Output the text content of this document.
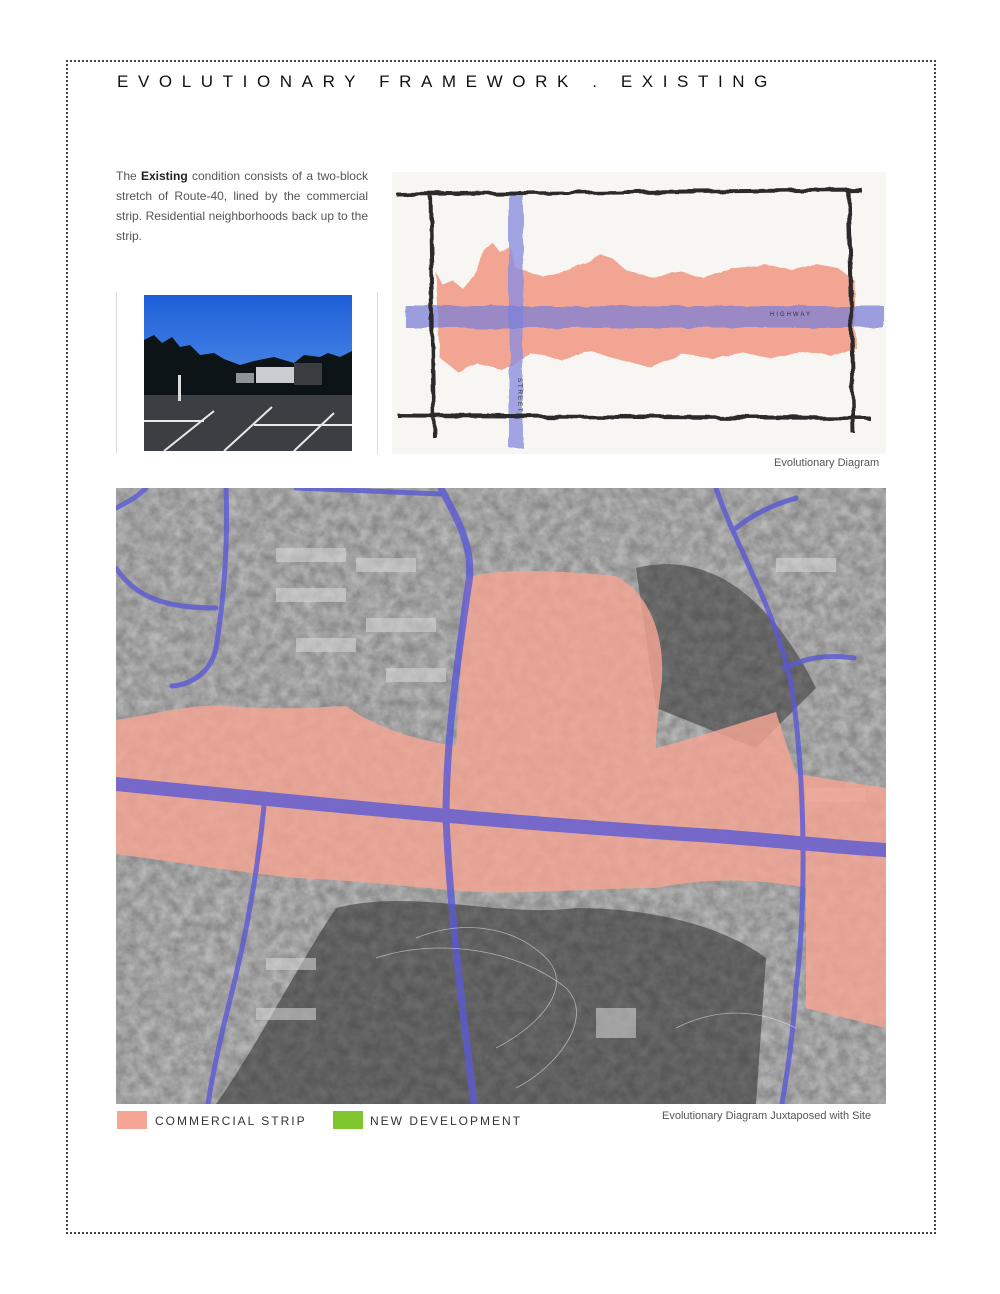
EVOLUTIONARY FRAMEWORK . EXISTING
The Existing condition consists of a two-block stretch of Route-40, lined by the commercial strip. Residential neighborhoods back up to the strip.
HIGHWAY
STREET
Evolutionary Diagram
COMMERCIAL STRIP	NEW DEVELOPMENT	Evolutionary Diagram Juxtaposed with Site
